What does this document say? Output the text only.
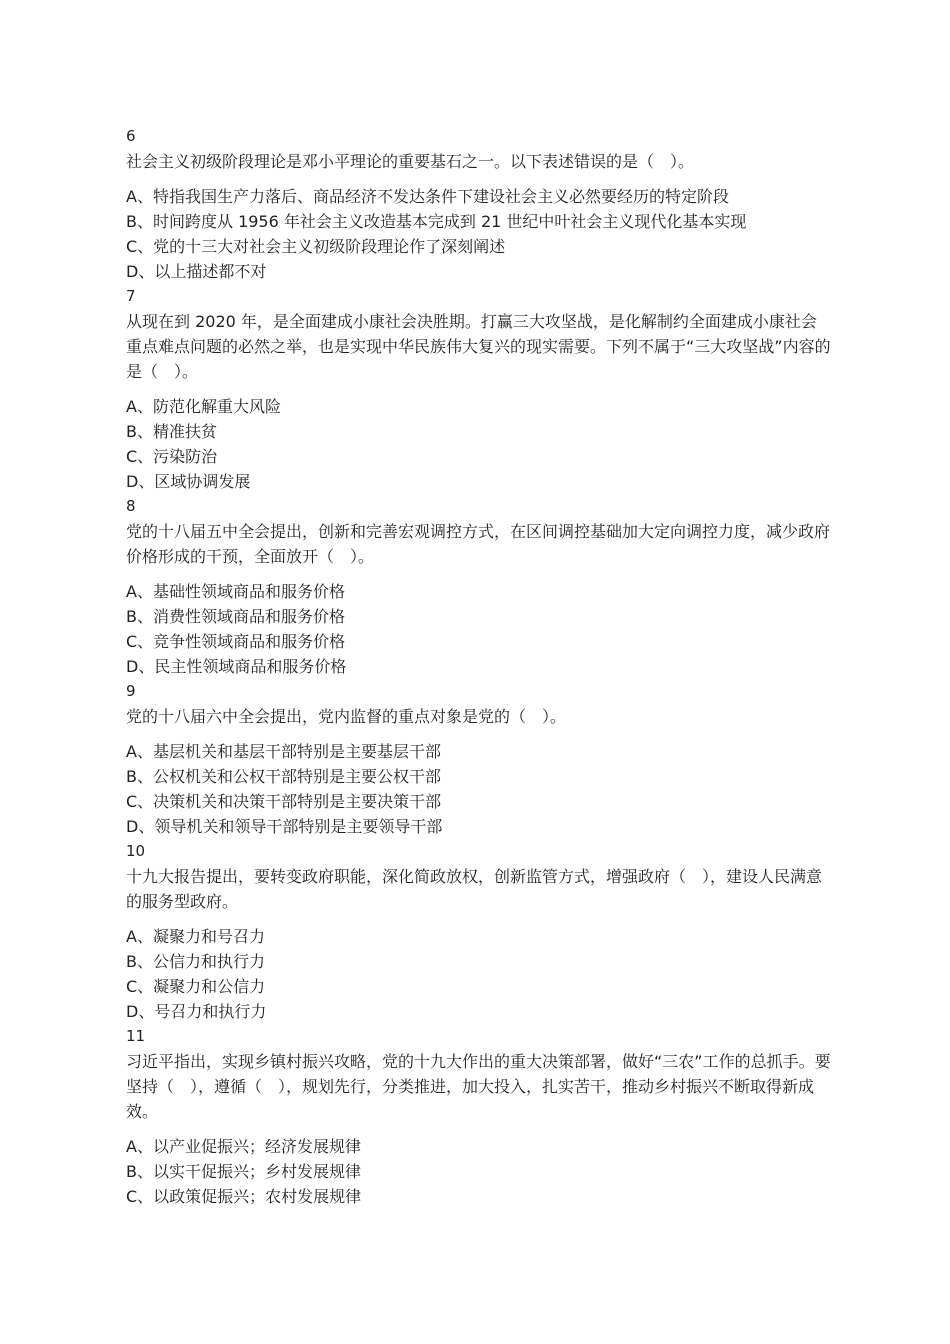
6
社会主义初级阶段理论是邓小平理论的重要基石之一。以下表述错误的是（　）。
A、特指我国生产力落后、商品经济不发达条件下建设社会主义必然要经历的特定阶段
B、时间跨度从 1956 年社会主义改造基本完成到 21 世纪中叶社会主义现代化基本实现
C、党的十三大对社会主义初级阶段理论作了深刻阐述
D、以上描述都不对
7
从现在到 2020 年，是全面建成小康社会决胜期。打赢三大攻坚战，是化解制约全面建成小康社会重点难点问题的必然之举，也是实现中华民族伟大复兴的现实需要。下列不属于“三大攻坚战”内容的是（　）。
A、防范化解重大风险
B、精准扶贫
C、污染防治
D、区域协调发展
8
党的十八届五中全会提出，创新和完善宏观调控方式，在区间调控基础加大定向调控力度，减少政府价格形成的干预，全面放开（　）。
A、基础性领域商品和服务价格
B、消费性领域商品和服务价格
C、竞争性领域商品和服务价格
D、民主性领域商品和服务价格
9
党的十八届六中全会提出，党内监督的重点对象是党的（　）。
A、基层机关和基层干部特别是主要基层干部
B、公权机关和公权干部特别是主要公权干部
C、决策机关和决策干部特别是主要决策干部
D、领导机关和领导干部特别是主要领导干部
10
十九大报告提出，要转变政府职能，深化简政放权，创新监管方式，增强政府（　），建设人民满意的服务型政府。
A、凝聚力和号召力
B、公信力和执行力
C、凝聚力和公信力
D、号召力和执行力
11
习近平指出，实现乡镇村振兴攻略，党的十九大作出的重大决策部署，做好“三农”工作的总抓手。要坚持（　），遵循（　），规划先行，分类推进，加大投入，扎实苦干，推动乡村振兴不断取得新成效。
A、以产业促振兴；经济发展规律
B、以实干促振兴；乡村发展规律
C、以政策促振兴；农村发展规律
